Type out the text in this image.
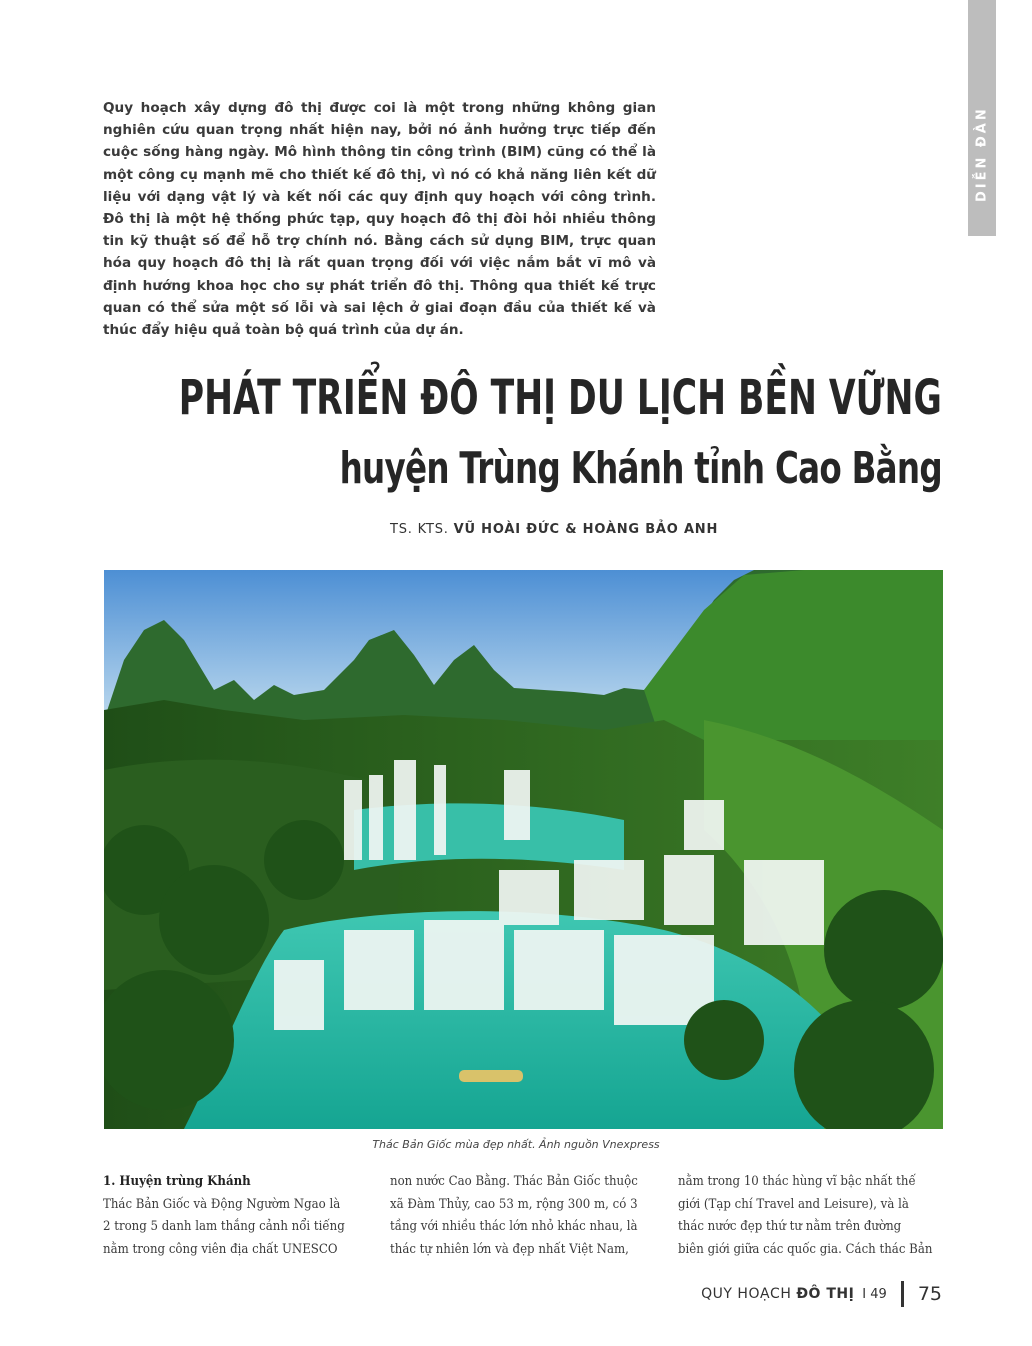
DIỄN ĐÀN
Quy hoạch xây dựng đô thị được coi là một trong những không gian nghiên cứu quan trọng nhất hiện nay, bởi nó ảnh hưởng trực tiếp đến cuộc sống hàng ngày. Mô hình thông tin công trình (BIM) cũng có thể là một công cụ mạnh mẽ cho thiết kế đô thị, vì nó có khả năng liên kết dữ liệu với dạng vật lý và kết nối các quy định quy hoạch với công trình. Đô thị là một hệ thống phức tạp, quy hoạch đô thị đòi hỏi nhiều thông tin kỹ thuật số để hỗ trợ chính nó. Bằng cách sử dụng BIM, trực quan hóa quy hoạch đô thị là rất quan trọng đối với việc nắm bắt vĩ mô và định hướng khoa học cho sự phát triển đô thị. Thông qua thiết kế trực quan có thể sửa một số lỗi và sai lệch ở giai đoạn đầu của thiết kế và thúc đẩy hiệu quả toàn bộ quá trình của dự án.
PHÁT TRIỂN ĐÔ THỊ DU LỊCH BỀN VỮNG
huyện Trùng Khánh tỉnh Cao Bằng
TS. KTS. VŨ HOÀI ĐỨC & HOÀNG BẢO ANH
Thác Bản Giốc mùa đẹp nhất. Ảnh nguồn Vnexpress
1. Huyện trùng Khánh
Thác Bản Giốc và Động Ngườm Ngao là
2 trong 5 danh lam thắng cảnh nổi tiếng
nằm trong công viên địa chất UNESCO
non nước Cao Bằng. Thác Bản Giốc thuộc
xã Đàm Thủy, cao 53 m, rộng 300 m, có 3
tầng với nhiều thác lớn nhỏ khác nhau, là
thác tự nhiên lớn và đẹp nhất Việt Nam,
nằm trong 10 thác hùng vĩ bậc nhất thế
giới (Tạp chí Travel and Leisure), và là
thác nước đẹp thứ tư nằm trên đường
biên giới giữa các quốc gia. Cách thác Bản
QUY HOẠCH ĐÔ THỊ I 49 75
